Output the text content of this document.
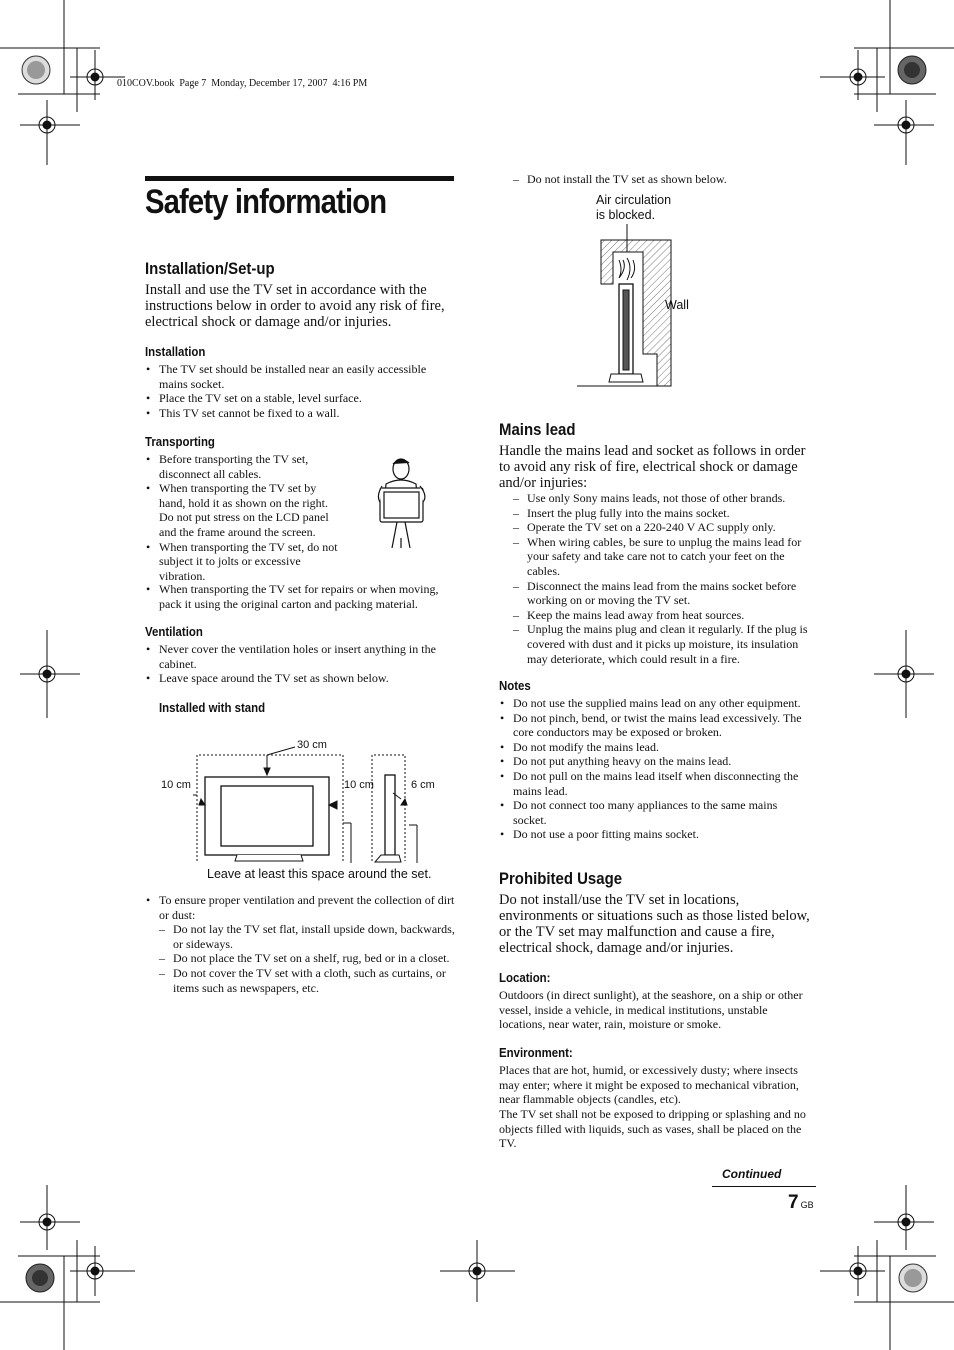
010COV.book  Page 7  Monday, December 17, 2007  4:16 PM
Safety information
Installation/Set-up
Install and use the TV set in accordance with the instructions below in order to avoid any risk of fire, electrical shock or damage and/or injuries.
Installation
• The TV set should be installed near an easily accessible mains socket.
• Place the TV set on a stable, level surface.
• This TV set cannot be fixed to a wall.
Transporting
• Before transporting the TV set, disconnect all cables.
• When transporting the TV set by hand, hold it as shown on the right. Do not put stress on the LCD panel and the frame around the screen.
• When transporting the TV set, do not subject it to jolts or excessive vibration.
• When transporting the TV set for repairs or when moving, pack it using the original carton and packing material.
Ventilation
• Never cover the ventilation holes or insert anything in the cabinet.
• Leave space around the TV set as shown below.
Installed with stand
30 cm
10 cm	10 cm	6 cm
Leave at least this space around the set.
• To ensure proper ventilation and prevent the collection of dirt or dust:
– Do not lay the TV set flat, install upside down, backwards, or sideways.
– Do not place the TV set on a shelf, rug, bed or in a closet.
– Do not cover the TV set with a cloth, such as curtains, or items such as newspapers, etc.
– Do not install the TV set as shown below.
Air circulation
is blocked.
Wall
Mains lead
Handle the mains lead and socket as follows in order to avoid any risk of fire, electrical shock or damage and/or injuries:
– Use only Sony mains leads, not those of other brands.
– Insert the plug fully into the mains socket.
– Operate the TV set on a 220-240 V AC supply only.
– When wiring cables, be sure to unplug the mains lead for your safety and take care not to catch your feet on the cables.
– Disconnect the mains lead from the mains socket before working on or moving the TV set.
– Keep the mains lead away from heat sources.
– Unplug the mains plug and clean it regularly. If the plug is covered with dust and it picks up moisture, its insulation may deteriorate, which could result in a fire.
Notes
• Do not use the supplied mains lead on any other equipment.
• Do not pinch, bend, or twist the mains lead excessively. The core conductors may be exposed or broken.
• Do not modify the mains lead.
• Do not put anything heavy on the mains lead.
• Do not pull on the mains lead itself when disconnecting the mains lead.
• Do not connect too many appliances to the same mains socket.
• Do not use a poor fitting mains socket.
Prohibited Usage
Do not install/use the TV set in locations, environments or situations such as those listed below, or the TV set may malfunction and cause a fire, electrical shock, damage and/or injuries.
Location:
Outdoors (in direct sunlight), at the seashore, on a ship or other vessel, inside a vehicle, in medical institutions, unstable locations, near water, rain, moisture or smoke.
Environment:
Places that are hot, humid, or excessively dusty; where insects may enter; where it might be exposed to mechanical vibration, near flammable objects (candles, etc).
The TV set shall not be exposed to dripping or splashing and no objects filled with liquids, such as vases, shall be placed on the TV.
Continued
7 GB
